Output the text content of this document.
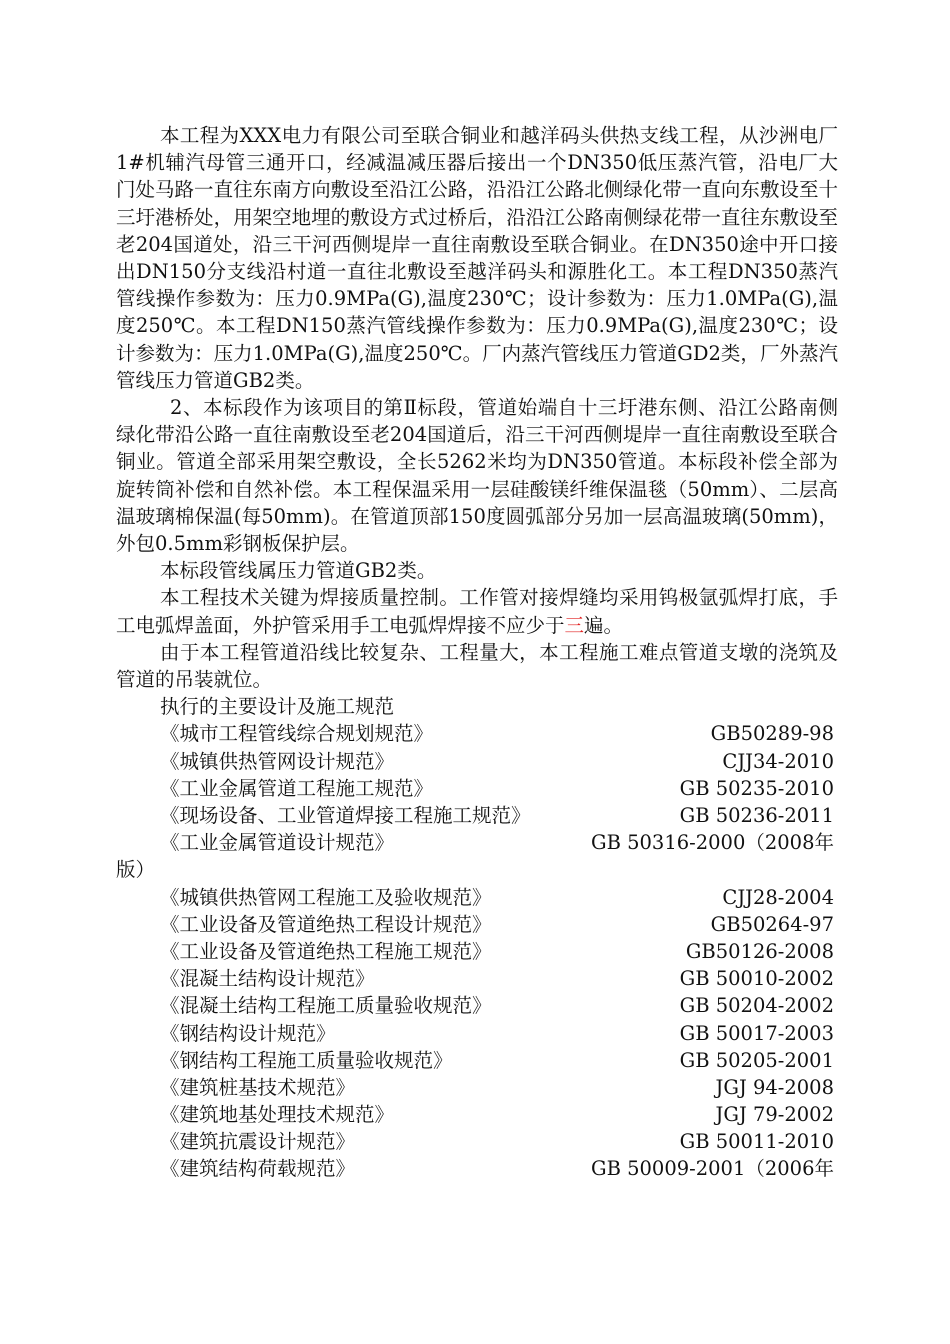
本工程为XXX电力有限公司至联合铜业和越洋码头供热支线工程，从沙洲电厂1#机辅汽母管三通开口，经减温减压器后接出一个DN350低压蒸汽管，沿电厂大门处马路一直往东南方向敷设至沿江公路，沿沿江公路北侧绿化带一直向东敷设至十三圩港桥处，用架空地埋的敷设方式过桥后，沿沿江公路南侧绿花带一直往东敷设至老204国道处，沿三干河西侧堤岸一直往南敷设至联合铜业。在DN350途中开口接出DN150分支线沿村道一直往北敷设至越洋码头和源胜化工。本工程DN350蒸汽管线操作参数为：压力0.9MPa(G),温度230℃；设计参数为：压力1.0MPa(G),温度250℃。本工程DN150蒸汽管线操作参数为：压力0.9MPa(G),温度230℃；设计参数为：压力1.0MPa(G),温度250℃。厂内蒸汽管线压力管道GD2类，厂外蒸汽管线压力管道GB2类。

2、本标段作为该项目的第Ⅱ标段，管道始端自十三圩港东侧、沿江公路南侧绿化带沿公路一直往南敷设至老204国道后，沿三干河西侧堤岸一直往南敷设至联合铜业。管道全部采用架空敷设，全长5262米均为DN350管道。本标段补偿全部为旋转筒补偿和自然补偿。本工程保温采用一层硅酸镁纤维保温毯（50mm）、二层高温玻璃棉保温(每50mm)。在管道顶部150度圆弧部分另加一层高温玻璃(50mm)，外包0.5mm彩钢板保护层。

本标段管线属压力管道GB2类。

本工程技术关键为焊接质量控制。工作管对接焊缝均采用钨极氩弧焊打底，手工电弧焊盖面，外护管采用手工电弧焊焊接不应少于三遍。

由于本工程管道沿线比较复杂、工程量大，本工程施工难点管道支墩的浇筑及管道的吊装就位。

执行的主要设计及施工规范
《城市工程管线综合规划规范》	GB50289-98
《城镇供热管网设计规范》	CJJ34-2010
《工业金属管道工程施工规范》	GB 50235-2010
《现场设备、工业管道焊接工程施工规范》	GB 50236-2011
《工业金属管道设计规范》	GB 50316-2000（2008年
版）
《城镇供热管网工程施工及验收规范》	CJJ28-2004
《工业设备及管道绝热工程设计规范》	GB50264-97
《工业设备及管道绝热工程施工规范》	GB50126-2008
《混凝土结构设计规范》	GB 50010-2002
《混凝土结构工程施工质量验收规范》	GB 50204-2002
《钢结构设计规范》	GB 50017-2003
《钢结构工程施工质量验收规范》	GB 50205-2001
《建筑桩基技术规范》	JGJ 94-2008
《建筑地基处理技术规范》	JGJ 79-2002
《建筑抗震设计规范》	GB 50011-2010
《建筑结构荷载规范》	GB 50009-2001（2006年
